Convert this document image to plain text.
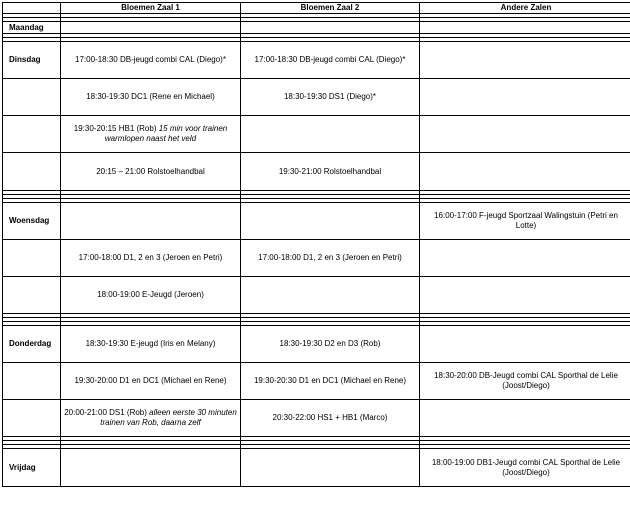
	Bloemen Zaal 1	Bloemen Zaal 2	Andere Zalen

Maandag			

Dinsdag	17:00-18:30 DB-jeugd combi CAL (Diego)*	17:00-18:30 DB-jeugd combi CAL (Diego)*	
	18:30-19:30 DC1 (Rene en Michael)	18:30-19:30 DS1 (Diego)*	
	19:30-20:15 HB1 (Rob) 15 min voor trainen warmlopen naast het veld		
	20:15 – 21:00 Rolstoelhandbal	19:30-21:00 Rolstoelhandbal	

Woensdag			16:00-17:00 F-jeugd Sportzaal Walingstuin (Petri en Lotte)
	17:00-18:00 D1, 2 en 3 (Jeroen en Petri)	17:00-18:00 D1, 2 en 3 (Jeroen en Petri)	
	18:00-19:00 E-Jeugd (Jeroen)		

Donderdag	18:30-19:30 E-jeugd (Iris en Melany)	18:30-19:30 D2 en D3 (Rob)	
	19:30-20:00 D1 en DC1 (Michael en Rene)	19:30-20:30 D1 en DC1 (Michael en Rene)	18:30-20:00 DB-Jeugd combi CAL Sporthal de Lelie (Joost/Diego)
	20:00-21:00 DS1 (Rob) alleen eerste 30 minuten trainen van Rob, daarna zelf	20:30-22:00 HS1 + HB1 (Marco)	

Vrijdag			18:00-19:00 DB1-Jeugd combi CAL Sporthal de Lelie (Joost/Diego)
